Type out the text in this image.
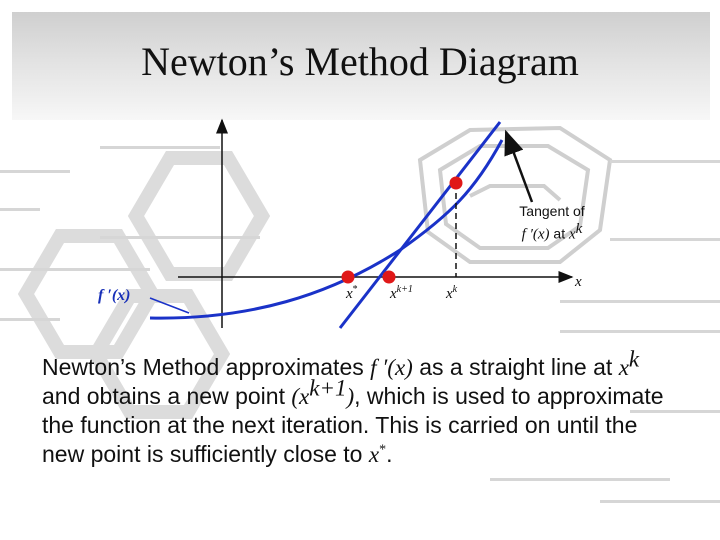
Newton’s Method Diagram
x
x* $x^{k+1}$ $x^k$
f ′(x)
Tangent of
f ′(x) at $x^k$
Newton’s Method approximates f ′(x) as a straight line at $x^k$ and obtains a new point $(x^{k+1})$, which is used to approximate the function at the next iteration. This is carried on until the new point is sufficiently close to x*.
